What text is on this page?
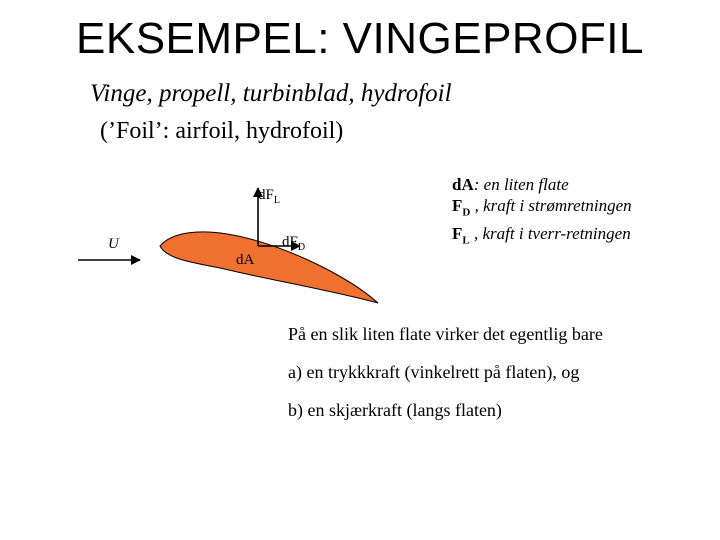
EKSEMPEL: VINGEPROFIL
Vinge, propell, turbinblad, hydrofoil
(’Foil’: airfoil, hydrofoil)
U
$dF_L$
$dF_D$
dA
dA: en liten flate
$F_D$ , kraft i strømretningen
$F_L$ , kraft i tverr-retningen
På en slik liten flate virker det egentlig bare
a) en trykkkraft (vinkelrett på flaten), og
b) en skjærkraft (langs flaten)
